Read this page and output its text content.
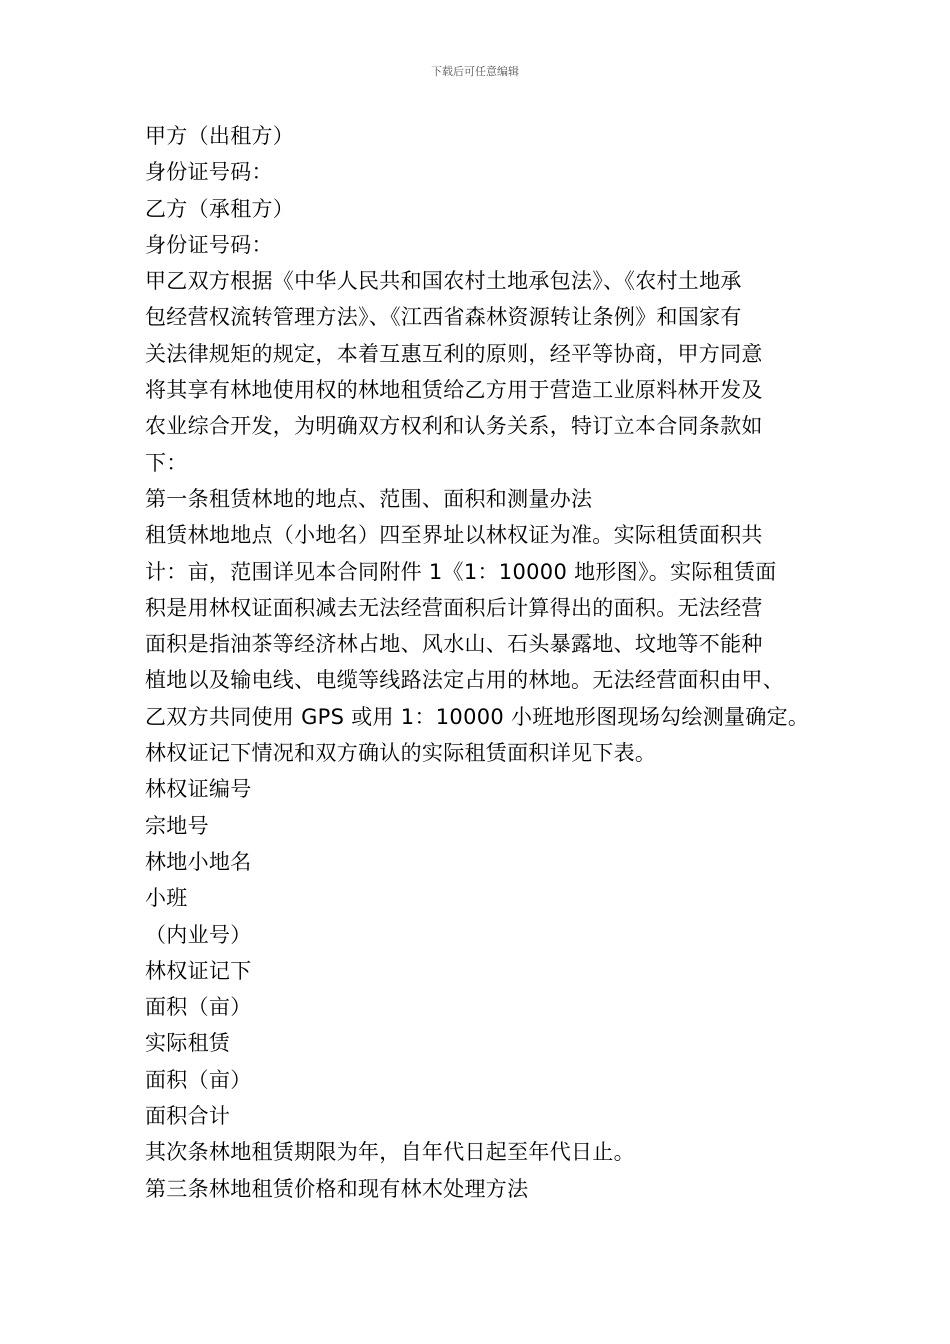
下载后可任意编辑
甲方（出租方）
身份证号码：
乙方（承租方）
身份证号码：
甲乙双方根据《中华人民共和国农村土地承包法》、《农村土地承
包经营权流转管理方法》、《江西省森林资源转让条例》和国家有
关法律规矩的规定，本着互惠互利的原则，经平等协商，甲方同意
将其享有林地使用权的林地租赁给乙方用于营造工业原料林开发及
农业综合开发，为明确双方权利和认务关系，特订立本合同条款如
下：
第一条租赁林地的地点、范围、面积和测量办法
租赁林地地点（小地名）四至界址以林权证为准。实际租赁面积共
计：亩，范围详见本合同附件 1《1：10000 地形图》。实际租赁面
积是用林权证面积减去无法经营面积后计算得出的面积。无法经营
面积是指油茶等经济林占地、风水山、石头暴露地、坟地等不能种
植地以及输电线、电缆等线路法定占用的林地。无法经营面积由甲、
乙双方共同使用 GPS 或用 1：10000 小班地形图现场勾绘测量确定。
林权证记下情况和双方确认的实际租赁面积详见下表。
林权证编号
宗地号
林地小地名
小班
（内业号）
林权证记下
面积（亩）
实际租赁
面积（亩）
面积合计
其次条林地租赁期限为年，自年代日起至年代日止。
第三条林地租赁价格和现有林木处理方法
